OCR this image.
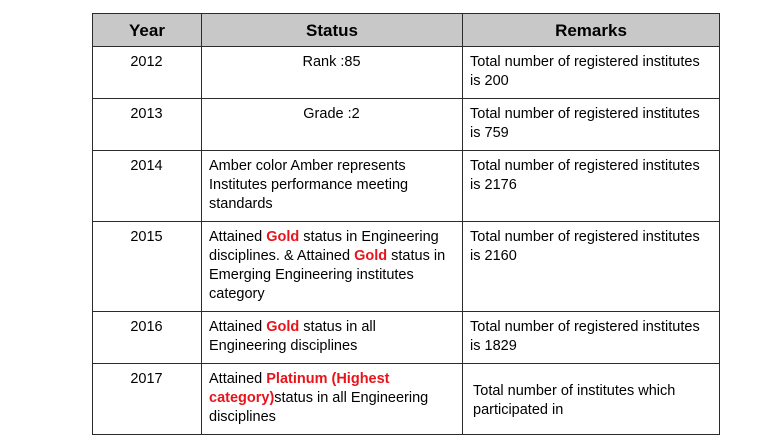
Year	Status	Remarks
2012	Rank :85	Total number of registered institutes is 200
2013	Grade :2	Total number of registered institutes is 759
2014	Amber color Amber represents Institutes performance meeting standards	Total number of registered institutes is 2176
2015	Attained Gold status in Engineering disciplines. & Attained Gold status in Emerging Engineering institutes category	Total number of registered institutes is 2160
2016	Attained Gold status in all Engineering disciplines	Total number of registered institutes is 1829
2017	Attained Platinum (Highest category)status in all Engineering disciplines	Total number of institutes which participated in
